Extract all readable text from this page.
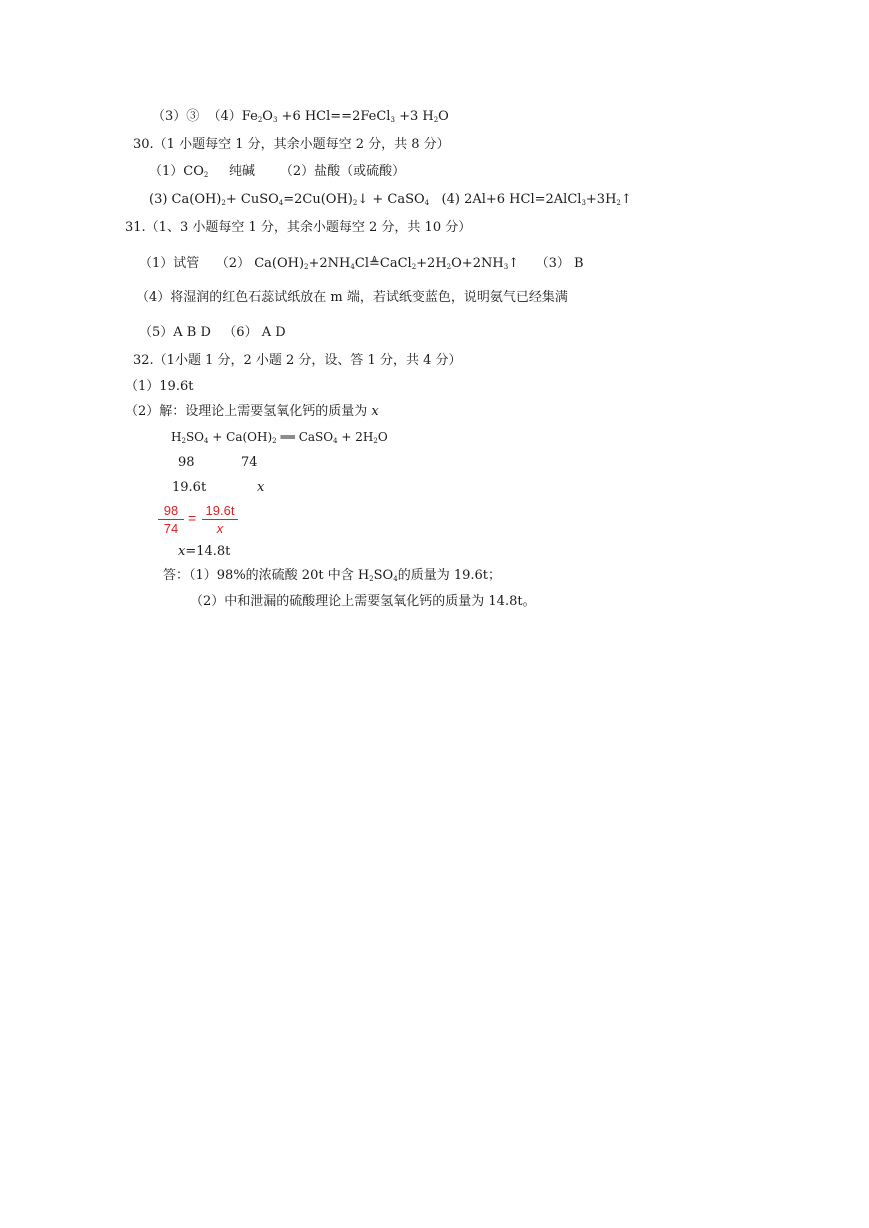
（3）③  $(4)Fe_2O_3 +6$ HCl==2FeCl$_3$ +3 $H_2O$
30.（1 小题每空 1 分，其余小题每空 2 分，共 8 分）
$(1)CO_2$     纯碱      （2）盐酸（或硫酸）
(3) $Ca(OH)_2+$ $CuSO_4=2Cu(OH)_2↓$ + CaSO$_4$   (4) 2Al+6 $HCl=2AlCl_3+3H_2↑$
31.（1、3 小题每空 1 分，其余小题每空 2 分，共 10 分）
（1）试管    （2） $Ca(OH)_2+2NH_4Cl≜CaCl_2+2H_2O+2NH_3↑$    （3） B
（4）将湿润的红色石蕊试纸放在 m 端，若试纸变蓝色，说明氨气已经集满
（5）A B D   （6） A D
32.（1小题 1 分，2 小题 2 分，设、答 1 分，共 4 分）
（1）19.6t
（2）解：设理论上需要氢氧化钙的质量为 x
$H_2SO_4 + Ca(OH)_2$ ══ CaSO$_4$ + $2H_2O$
98	74
19.6t	x
$\frac{98}{74} = \frac{19.6t}{x}$
x=14.8t
答：（1）98%的浓硫酸 20t 中含 $H_2SO_4$的质量为 19.6t；
（2）中和泄漏的硫酸理论上需要氢氧化钙的质量为 14.8t。
